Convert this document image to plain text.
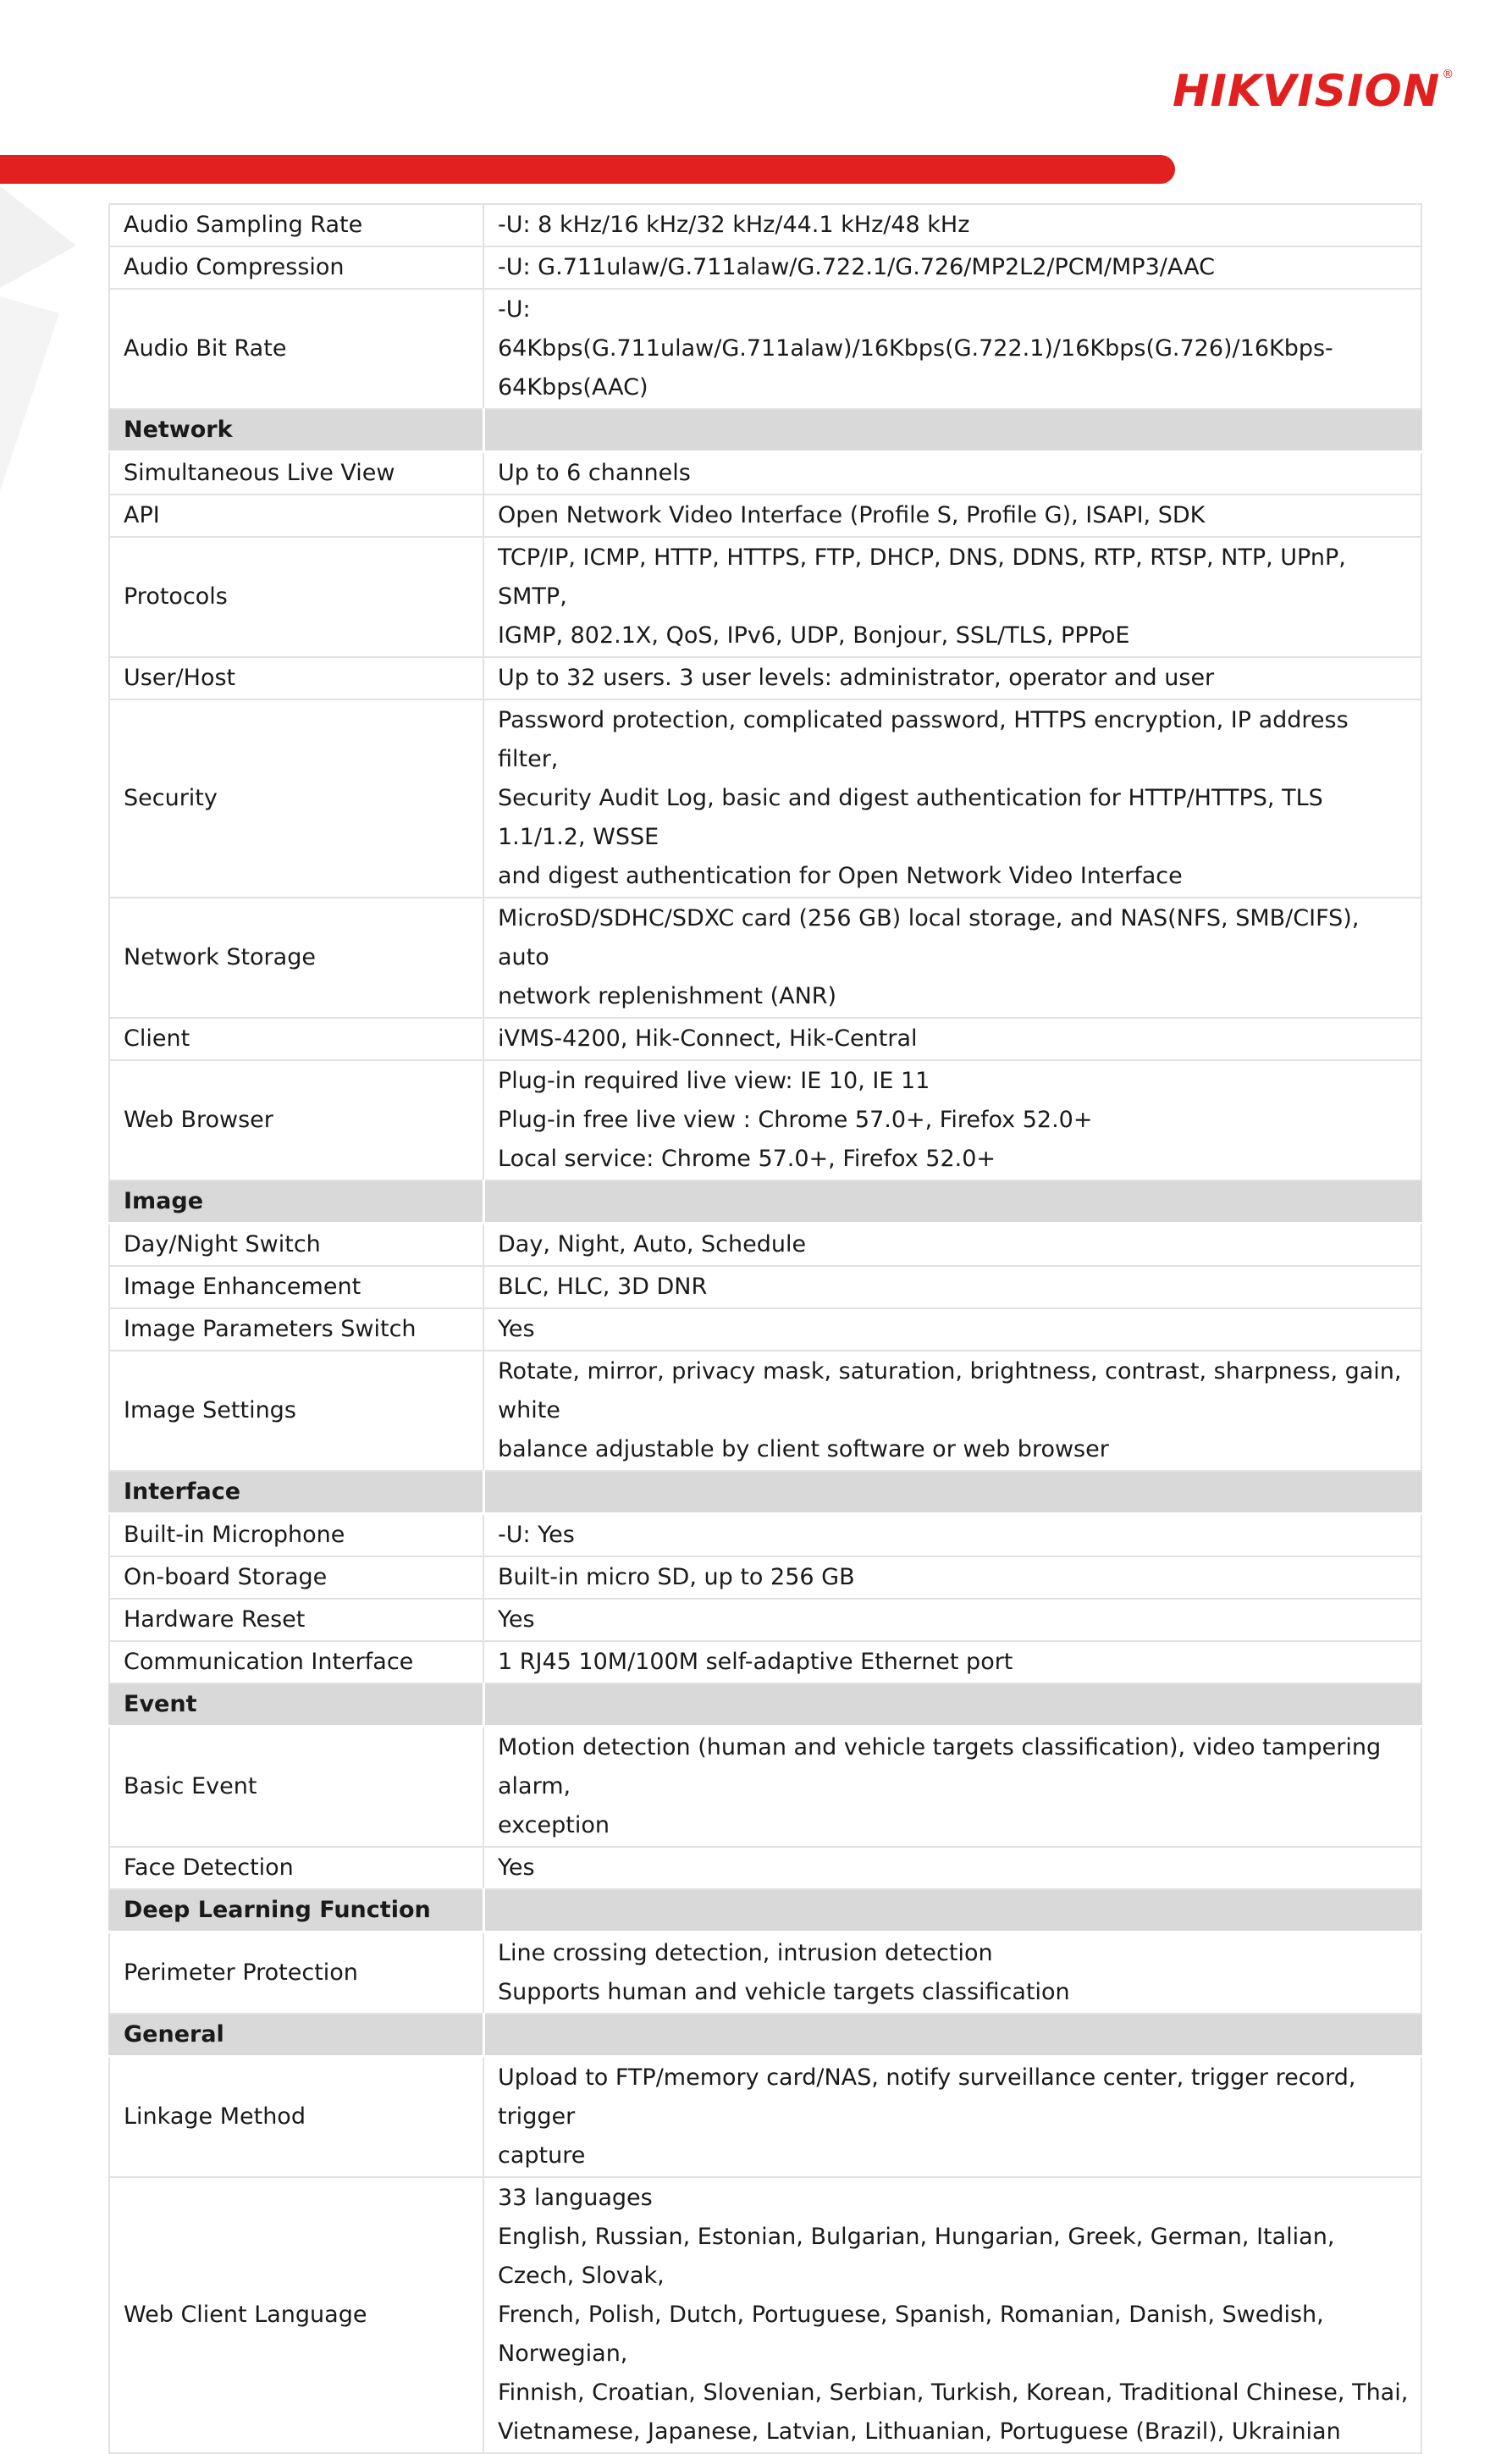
HIKVISION ®
Audio Sampling Rate	-U: 8 kHz/16 kHz/32 kHz/44.1 kHz/48 kHz

Audio Compression	-U: G.711ulaw/G.711alaw/G.722.1/G.726/MP2L2/PCM/MP3/AAC

Audio Bit Rate	-U:
64Kbps(G.711ulaw/G.711alaw)/16Kbps(G.722.1)/16Kbps(G.726)/16Kbps-64Kbps(AAC)

Network	
Simultaneous Live View	Up to 6 channels

API	Open Network Video Interface (Profile S, Profile G), ISAPI, SDK

Protocols	TCP/IP, ICMP, HTTP, HTTPS, FTP, DHCP, DNS, DDNS, RTP, RTSP, NTP, UPnP, SMTP,
IGMP, 802.1X, QoS, IPv6, UDP, Bonjour, SSL/TLS, PPPoE

User/Host	Up to 32 users. 3 user levels: administrator, operator and user

Security	Password protection, complicated password, HTTPS encryption, IP address filter,
Security Audit Log, basic and digest authentication for HTTP/HTTPS, TLS 1.1/1.2, WSSE
and digest authentication for Open Network Video Interface

Network Storage	MicroSD/SDHC/SDXC card (256 GB) local storage, and NAS(NFS, SMB/CIFS), auto
network replenishment (ANR)

Client	iVMS-4200, Hik-Connect, Hik-Central

Web Browser	Plug-in required live view: IE 10, IE 11
Plug-in free live view : Chrome 57.0+, Firefox 52.0+
Local service: Chrome 57.0+, Firefox 52.0+

Image	
Day/Night Switch	Day, Night, Auto, Schedule

Image Enhancement	BLC, HLC, 3D DNR

Image Parameters Switch	Yes

Image Settings	Rotate, mirror, privacy mask, saturation, brightness, contrast, sharpness, gain, white
balance adjustable by client software or web browser

Interface	
Built-in Microphone	-U: Yes

On-board Storage	Built-in micro SD, up to 256 GB

Hardware Reset	Yes

Communication Interface	1 RJ45 10M/100M self-adaptive Ethernet port

Event	
Basic Event	Motion detection (human and vehicle targets classification), video tampering alarm,
exception

Face Detection	Yes

Deep Learning Function	
Perimeter Protection	Line crossing detection, intrusion detection
Supports human and vehicle targets classification

General	
Linkage Method	Upload to FTP/memory card/NAS, notify surveillance center, trigger record, trigger
capture

Web Client Language	33 languages
English, Russian, Estonian, Bulgarian, Hungarian, Greek, German, Italian, Czech, Slovak,
French, Polish, Dutch, Portuguese, Spanish, Romanian, Danish, Swedish, Norwegian,
Finnish, Croatian, Slovenian, Serbian, Turkish, Korean, Traditional Chinese, Thai,
Vietnamese, Japanese, Latvian, Lithuanian, Portuguese (Brazil), Ukrainian
